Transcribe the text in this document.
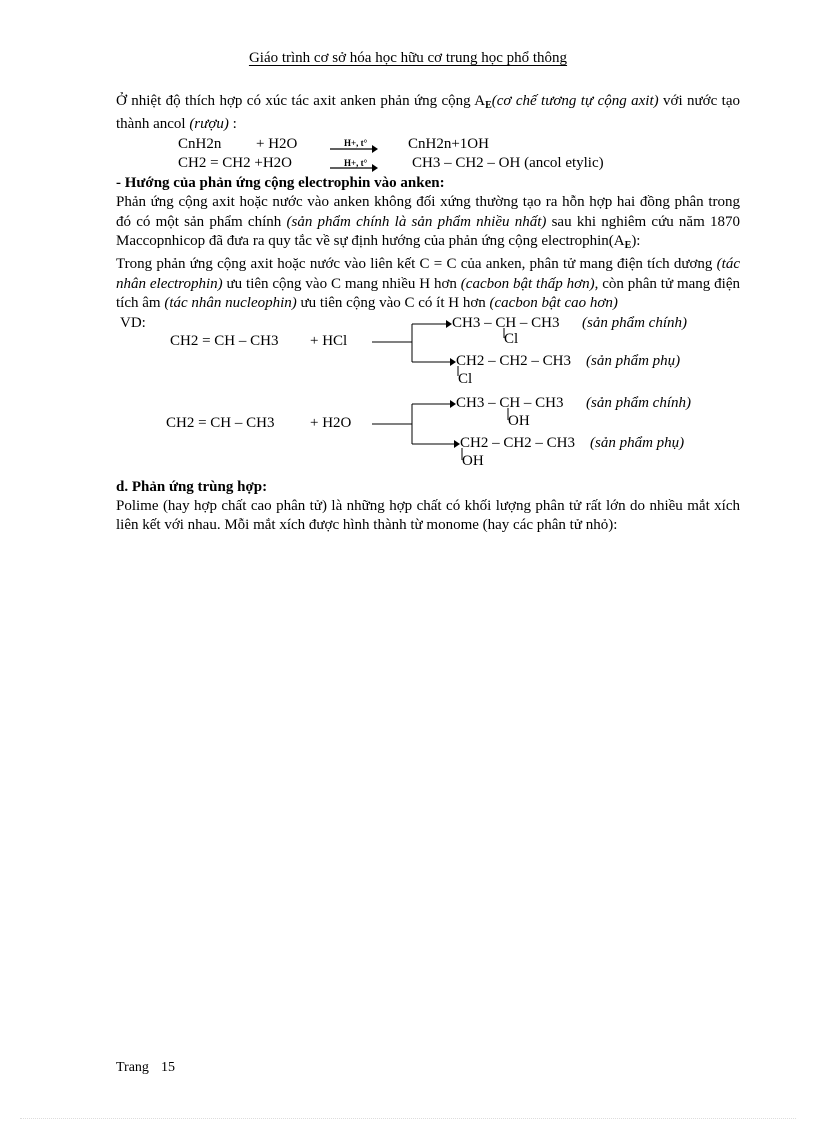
Giáo trình cơ sở hóa học hữu cơ trung học phổ thông

Ở nhiệt độ thích hợp có xúc tác axit anken phản ứng cộng $A_E(cơ$ chế tương tự cộng axit) với nước tạo thành ancol (rượu) :

CnH2n + H2O	H+, t°	CnH2n+1OH
CH2 = CH2 +H2O	H+, t°	CH3 – CH2 – OH (ancol etylic)

- Hướng của phản ứng cộng electrophin vào anken:

Phản ứng cộng axit hoặc nước vào anken không đối xứng thường tạo ra hỗn hợp hai đồng phân trong đó có một sản phẩm chính (sản phẩm chính là sản phẩm nhiều nhất) sau khi nghiêm cứu năm 1870 Maccopnhicop đã đưa ra quy tắc về sự định hướng của phản ứng cộng $electrophin(A_E)$:

Trong phản ứng cộng axit hoặc nước vào liên kết C = C của anken, phân tử mang điện tích dương (tác nhân electrophin) ưu tiên cộng vào C mang nhiều H hơn (cacbon bật thấp hơn), còn phân tử mang điện tích âm (tác nhân nucleophin) ưu tiên cộng vào C có ít H hơn (cacbon bật cao hơn)

VD:
CH2 = CH – CH3 + HCl
CH3 – CH – CH3 (sản phẩm chính)
Cl
CH2 – CH2 – CH3 (sản phẩm phụ)
Cl
CH2 = CH – CH3 + H2O
CH3 – CH – CH3 (sản phẩm chính)
OH
CH2 – CH2 – CH3 (sản phẩm phụ)
OH

d. Phản ứng trùng hợp:

Polime (hay hợp chất cao phân tử) là những hợp chất có khối lượng phân tử rất lớn do nhiều mắt xích liên kết với nhau. Mỗi mắt xích được hình thành từ monome (hay các phân tử nhỏ):

Trang 15
